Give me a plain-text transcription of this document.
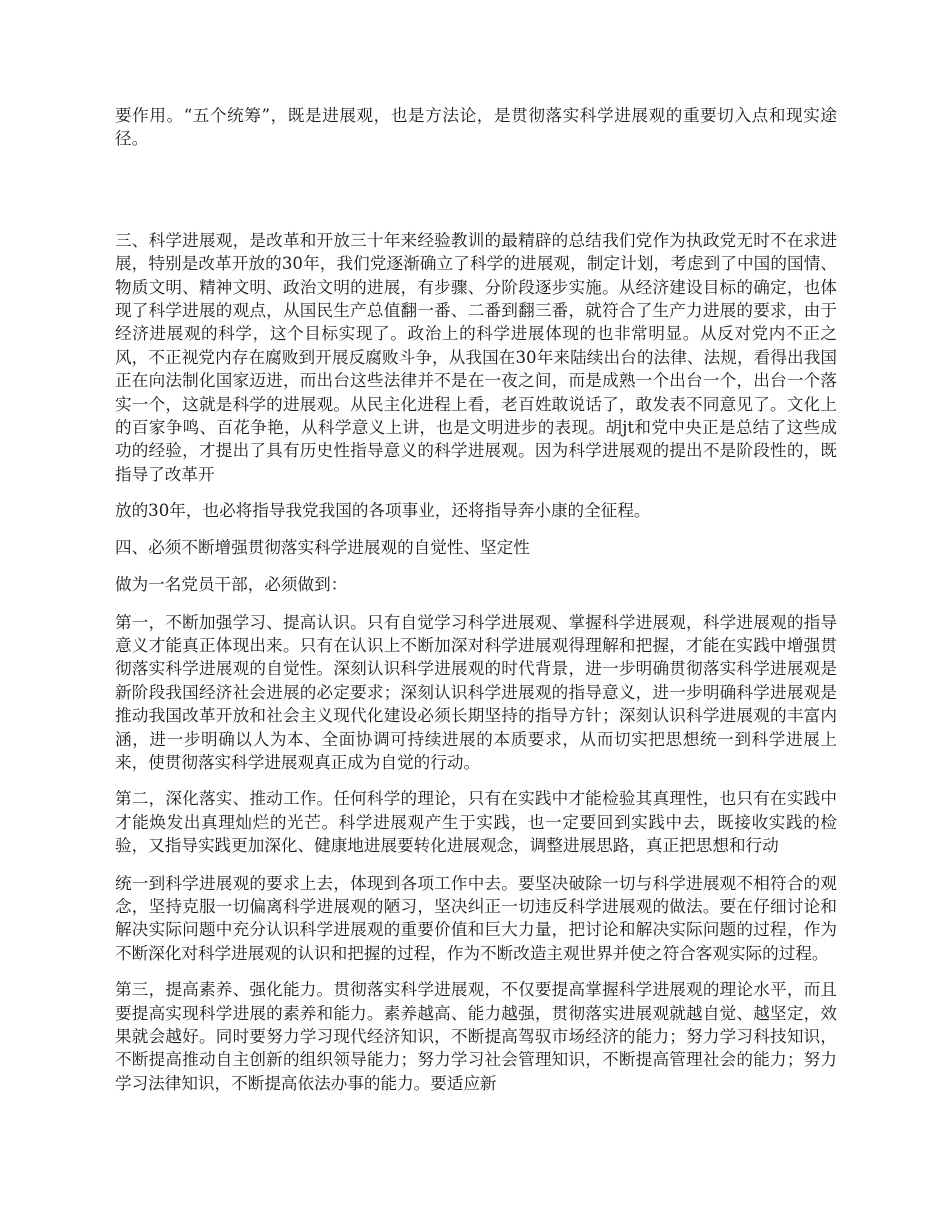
要作用。“五个统筹”，既是进展观，也是方法论，是贯彻落实科学进展观的重要切入点和现实途径。

三、科学进展观，是改革和开放三十年来经验教训的最精辟的总结我们党作为执政党无时不在求进展，特别是改革开放的30年，我们党逐渐确立了科学的进展观，制定计划，考虑到了中国的国情、物质文明、精神文明、政治文明的进展，有步骤、分阶段逐步实施。从经济建设目标的确定，也体现了科学进展的观点，从国民生产总值翻一番、二番到翻三番，就符合了生产力进展的要求，由于经济进展观的科学，这个目标实现了。政治上的科学进展体现的也非常明显。从反对党内不正之风，不正视党内存在腐败到开展反腐败斗争，从我国在30年来陆续出台的法律、法规，看得出我国正在向法制化国家迈进，而出台这些法律并不是在一夜之间，而是成熟一个出台一个，出台一个落实一个，这就是科学的进展观。从民主化进程上看，老百姓敢说话了，敢发表不同意见了。文化上的百家争鸣、百花争艳，从科学意义上讲，也是文明进步的表现。胡jt和党中央正是总结了这些成功的经验，才提出了具有历史性指导意义的科学进展观。因为科学进展观的提出不是阶段性的，既指导了改革开

放的30年，也必将指导我党我国的各项事业，还将指导奔小康的全征程。

四、必须不断增强贯彻落实科学进展观的自觉性、坚定性

做为一名党员干部，必须做到：

第一，不断加强学习、提高认识。只有自觉学习科学进展观、掌握科学进展观，科学进展观的指导意义才能真正体现出来。只有在认识上不断加深对科学进展观得理解和把握，才能在实践中增强贯彻落实科学进展观的自觉性。深刻认识科学进展观的时代背景，进一步明确贯彻落实科学进展观是新阶段我国经济社会进展的必定要求；深刻认识科学进展观的指导意义，进一步明确科学进展观是推动我国改革开放和社会主义现代化建设必须长期坚持的指导方针；深刻认识科学进展观的丰富内涵，进一步明确以人为本、全面协调可持续进展的本质要求，从而切实把思想统一到科学进展上来，使贯彻落实科学进展观真正成为自觉的行动。

第二，深化落实、推动工作。任何科学的理论，只有在实践中才能检验其真理性，也只有在实践中才能焕发出真理灿烂的光芒。科学进展观产生于实践，也一定要回到实践中去，既接收实践的检验，又指导实践更加深化、健康地进展要转化进展观念，调整进展思路，真正把思想和行动

统一到科学进展观的要求上去，体现到各项工作中去。要坚决破除一切与科学进展观不相符合的观念，坚持克服一切偏离科学进展观的陋习，坚决纠正一切违反科学进展观的做法。要在仔细讨论和解决实际问题中充分认识科学进展观的重要价值和巨大力量，把讨论和解决实际问题的过程，作为不断深化对科学进展观的认识和把握的过程，作为不断改造主观世界并使之符合客观实际的过程。

第三，提高素养、强化能力。贯彻落实科学进展观，不仅要提高掌握科学进展观的理论水平，而且要提高实现科学进展的素养和能力。素养越高、能力越强，贯彻落实进展观就越自觉、越坚定，效果就会越好。同时要努力学习现代经济知识，不断提高驾驭市场经济的能力；努力学习科技知识，不断提高推动自主创新的组织领导能力；努力学习社会管理知识，不断提高管理社会的能力；努力学习法律知识，不断提高依法办事的能力。要适应新
